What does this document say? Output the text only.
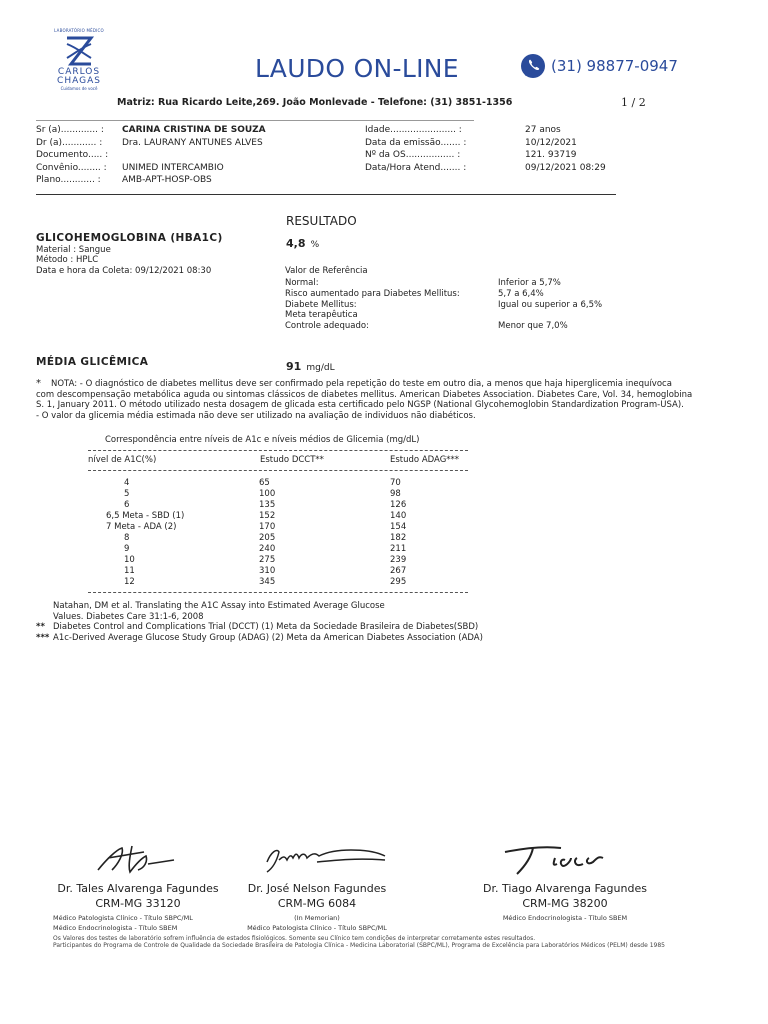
LABORATÓRIO MÉDICO
CARLOS
CHAGAS
Cuidamos de você
LAUDO ON-LINE	(31) 98877-0947
Matriz: Rua Ricardo Leite,269. João Monlevade - Telefone: (31) 3851-1356	1 / 2
Sr (a)............. : CARINA CRISTINA DE SOUZA	Idade....................... :	27 anos
Dr (a)............ : Dra. LAURANY ANTUNES ALVES	Data da emissão....... :	10/12/2021
Documento..... :	Nº da OS................. :	121. 93719
Convênio........ : UNIMED INTERCAMBIO	Data/Hora Atend....... :	09/12/2021 08:29
Plano............ : AMB-APT-HOSP-OBS
RESULTADO
GLICOHEMOGLOBINA (HBA1C)	4,8 %
Material : Sangue
Método : HPLC
Data e hora da Coleta: 09/12/2021 08:30	Valor de Referência
Normal:	Inferior a 5,7%
Risco aumentado para Diabetes Mellitus:	5,7 a 6,4%
Diabete Mellitus:	Igual ou superior a 6,5%
Meta terapêutica
Controle adequado:	Menor que 7,0%
MÉDIA GLICÊMICA	91 mg/dL
* NOTA: - O diagnóstico de diabetes mellitus deve ser confirmado pela repetição do teste em outro dia, a menos que haja hiperglicemia inequívoca
com descompensação metabólica aguda ou sintomas clássicos de diabetes mellitus. American Diabetes Association. Diabetes Care, Vol. 34, hemoglobina
S. 1, January 2011. O método utilizado nesta dosagem de glicada esta certificado pelo NGSP (National Glycohemoglobin Standardization Program-USA).
- O valor da glicemia média estimada não deve ser utilizado na avaliação de individuos não diabéticos.
Correspondência entre níveis de A1c e níveis médios de Glicemia (mg/dL)
nível de A1C(%)	Estudo DCCT**	Estudo ADAG***
4	65	70
5	100	98
6	135	126
6,5 Meta - SBD (1)	152	140
7 Meta - ADA (2)	170	154
8	205	182
9	240	211
10	275	239
11	310	267
12	345	295
Natahan, DM et al. Translating the A1C Assay into Estimated Average Glucose
Values. Diabetes Care 31:1-6, 2008
** Diabetes Control and Complications Trial (DCCT) (1) Meta da Sociedade Brasileira de Diabetes(SBD)
*** A1c-Derived Average Glucose Study Group (ADAG) (2) Meta da American Diabetes Association (ADA)
Dr. Tales Alvarenga Fagundes
CRM-MG 33120
Dr. José Nelson Fagundes
CRM-MG 6084
Dr. Tiago Alvarenga Fagundes
CRM-MG 38200
Médico Patologista Clínico - Título SBPC/ML
Médico Endocrinologista - Título SBEM
(In Memorian)
Médico Patologista Clínico - Título SBPC/ML
Médico Endocrinologista - Título SBEM
Os Valores dos testes de laboratório sofrem influência de estados fisiológicos. Somente seu Clínico tem condições de interpretar corretamente estes resultados.
Participantes do Programa de Controle de Qualidade da Sociedade Brasileira de Patologia Clínica - Medicina Laboratorial (SBPC/ML), Programa de Excelência para Laboratórios Médicos (PELM) desde 1985
